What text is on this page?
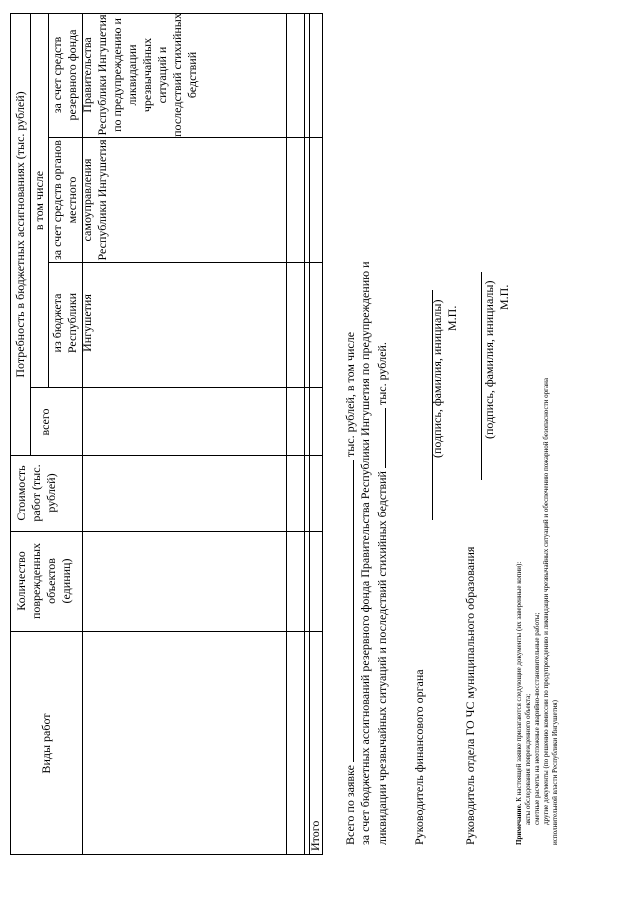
Виды работ
Количество поврежденных объектов (единиц)
Стоимость работ (тыс. рублей)
Потребность в бюджетных ассигнованиях (тыс. рублей)
всего
в том числе
из бюджета Республики Ингушетия
за счет средств органов местного самоуправления Республики Ингушетия
за счет средств резервного фонда Правительства Республики Ингушетия по предупреждению и ликвидации чрезвычайных ситуаций и последствий стихийных бедствий
Итого Всего по заявке  тыс. рублей, в том числе за счет бюджетных ассигнований резервного фонда Правительства Республики Ингушетия по предупреждению и ликвидации чрезвычайных ситуаций и последствий стихийных бедствий  тыс. рублей.
Руководитель финансового органа
(подпись, фамилия, инициалы) М.П.
Руководитель отдела ГО ЧС муниципального образования
(подпись, фамилия, инициалы) М.П.
Примечание. К настоящей заявке прилагаются следующие документы (их заверенные копии): акты обследования поврежденного объекта; сметные расчеты на неотложные аварийно-восстановительные работы; другие документы (по решению комиссии по предупреждению и ликвидации чрезвычайных ситуаций и обеспечению пожарной безопасности органа исполнительной власти Республики Ингушетия)
